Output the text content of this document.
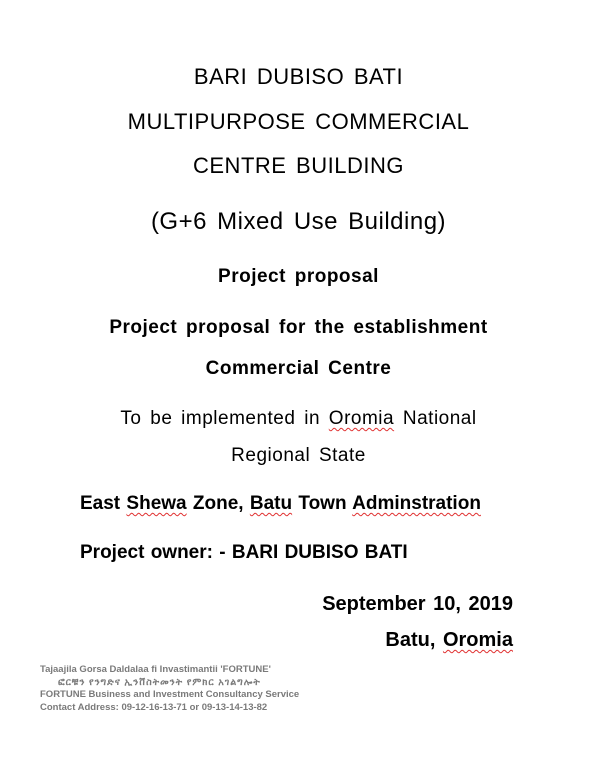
BARI DUBISO BATI
MULTIPURPOSE COMMERCIAL
CENTRE BUILDING
(G+6 Mixed Use Building)
Project proposal
Project proposal for the establishment
Commercial Centre
To be implemented in Oromia National
Regional State
East Shewa Zone, Batu Town Adminstration
Project owner: - BARI DUBISO BATI
September 10, 2019
Batu, Oromia
Tajaajila Gorsa Daldalaa fi Invastimantii 'FORTUNE'
ፎርቹን የንግድና ኢንቨስትመንት የምክር አገልግሎት
FORTUNE Business and Investment Consultancy Service
Contact Address: 09-12-16-13-71 or 09-13-14-13-82
